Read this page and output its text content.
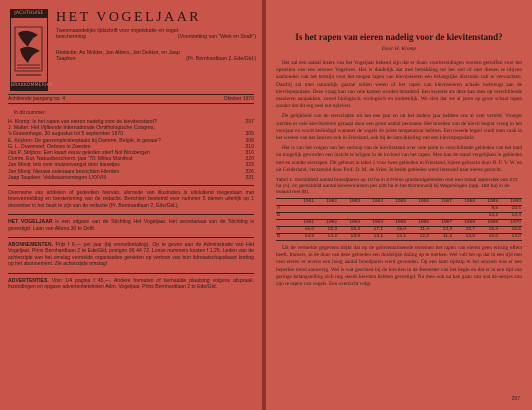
JACHTHUISE
BRAKKOMMERHO
HET VOGELJAAR
Tweemaandelijks tijdschrift voor vogelstudie en vogel-
bescherming	(Voortzetting van "Wiek en Snab")
Redactie: An Molder, Jan Albers, Jan Dekker, en Jaap
Taapken	(Pr. Bernhardlaan 2, Ede/Gld.)
Achttiende jaargang no. 4	Oktober 1970
In dit nummer:
H. Klomp: Is het rapen van eieren nadelig voor de kievitenstand?	297
J. Walter: Het Vijftiende Internationale Ornithologische Congres,
's Gravenhage, 30 augustus tot 5 september 1970	305
E. Koyken: De ganzenpleisterplaats bij Damme, België, in gevaar?	308
G. L. Ouweneel: Oeboes in Zweden	310
Jan P. Strijbos: Een kwart eeuw geleden stierf Nol Binsbergen	316
Comm. Eur. Natuurbescherm. jaar '70: Milieu Manifest	320
Jan Mooij: Iets over muizenvangst door kauwtjes	323
Jan Mooij: Nieuwe ooievaars bezochten Hierden	326
Jaap Taapken: Veldwaarnemingen LXXVIII	331

Overname van artikelen of gedeelten hiervan, alsmede van illustraties is uitsluitend toegestaan met bronvermelding en toestemming van de redactie. Berichten bestemd voor nummer 5 dienen uiterlijk op 1 december in het bezit te zijn van de redactie (Pr. Bernhardlaan 2, Ede/Gld.).

HET VOGELJAAR is een uitgave van de Stichting Het Vogeljaar. Het secretariaat van de Stichting is gevestigd: Laan van Altena 30 te Delft.

ABONNEMENTEN. Prijs f 6,— per jaar (bij vooruitbetaling). Op te geven aan de Administratie van Het Vogeljaar, Prins Bernhardlaan 2 te Ede/Gld, postgiro 96 44 72. Losse nummers kosten f 1,25. Leden van de achterzijde van het omslag vermelde organisaties genieten op vertoon van hun lidmaatschapskaart korting op het abonnement. Zie achterzijde omslag!

ADVERTENTIES. Voor 1/4 pagina f 45,—. Andere formaten of herhaalde plaatsing volgens afspraak. Inzendingen en opgave advertentieteksten Adm. Vogeljaar, Prins Bernhardlaan 2 te Ede/Gld.

Is het rapen van eieren nadelig voor de kievitenstand?
Door H. Klomp

Het zal een aantal lezers van het Vogeljaar bekend zijn dat er thans voorbereidingen worden getroffen voor het opstellen van een nieuwe Vogelwet. Het is duidelijk dat met betrekking tot het wel of niet dienen te blijven aanhouden van het termijn voor het mogen rapen van kievitseieren een belangrijke discussie valt te verwachten. Daarbij zal men natuurlijk gaarne willen weten of het rapen van kievitseieren schade toebrengt aan de kievitspopulatie. Deze vraag kan van vele kanten worden benaderd. Een kwestie als deze kan men op verschillende manieren aanpakken, zowel biologisch, ecologisch en ondoenlijk. We zien dat we al jaren op grote schaal rapen zonder dat dit erg veel nut oplevert.

De gelijkheid van de eierschalen uit het ene jaar en uit het andere jaar hebben ons al veel verteld. Vroeger werden er vele kievitseieren geraapt door een groot aantal personen. Het broeden van de kievit begint vroeg in het voorjaar en wordt beëindigd wanneer de vogels de juiste temperatuur hebben. Een tweede legsel vindt men vaak in het westen van het land en ook in Friesland, ook bij de ontwikkeling van een kievitspopulatie.

Het is van het volgen van het verloop van de kievitsstand over vele jaren in verschillende gebieden van het land nu mogelijk geworden een inzicht te krijgen in de invloed van het rapen. Men kan de stand vergelijken in gebieden met en zonder eierrapen. Dit gebeurt in tabel 1 voor twee gebieden in Friesland, bijeen gebracht door B. F. V. W. en uit Gelderland, verzameld door Prof. D. M. de Vries. In beide gebieden werd intensief naar eieren gezocht.

Tabel 1. Gemiddeld aantal broedparen op 10 ha in 3 Friese graslandgebieden met een totaal oppervlak van 272 ha (A), en gemiddeld aantal kievitennesten per 100 ha in het Binnenveld bij Wageningen (opp. 150 ha) in de maand mei (B).
	1961	1962	1963	1964	1965	1966	1967	1968	1969	1960
A									9,5	10,5
B									14,2	14,4
	1961	1962	1963	1964	1965	1966	1967	1968	1969	1970
A	16,0	15,3	15,4	17,1	15,0	11,4	13,3	15,7	15,4	16,6
B	14,9	14,2	13,9	13,1	14,1	12,2	11,4	13,6	15,0	14,0

Uit de vermelde gegevens blijkt dat op de geïnventariseerde terreinen het rapen van eieren geen ernstig effect heeft. Immers, in de duur van deze gebieden een duidelijke daling op te merken. Wel valt het op dat in een tijd met veel eieren er tevens een hoog aantal broedparen werd gevonden. Op een later tijdstip in het seizoen was er een beperkte trend aanwezig. Wel is wat geschied bij de kieviten in de Beemster van het begin en dat er in een tijd van geringe belangstelling zich nog steeds kieviten hebben gevestigd. Nu men ook na kan gaan van wat de nestjes zou zijn te rapen van vogels. Een overzicht volgt.

297
